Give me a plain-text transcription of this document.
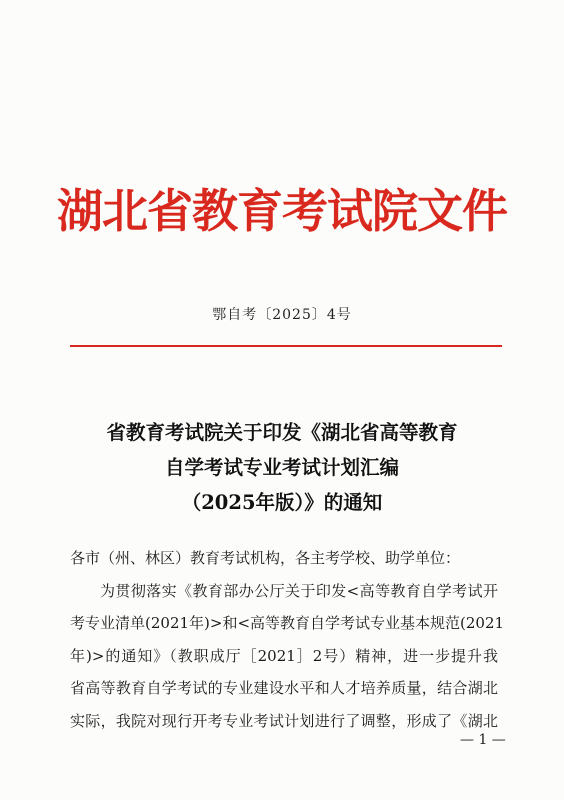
湖北省教育考试院文件
鄂自考〔2025〕4号
省教育考试院关于印发《湖北省高等教育
自学考试专业考试计划汇编
（2025年版）》的通知

各市（州、林区）教育考试机构，各主考学校、助学单位：

为贯彻落实《教育部办公厅关于印发<高等教育自学考试开
考专业清单(2021年)>和<高等教育自学考试专业基本规范(2021
年)>的通知》（教职成厅［2021］2号）精神，进一步提升我
省高等教育自学考试的专业建设水平和人才培养质量，结合湖北
实际，我院对现行开考专业考试计划进行了调整，形成了《湖北
— 1 —
